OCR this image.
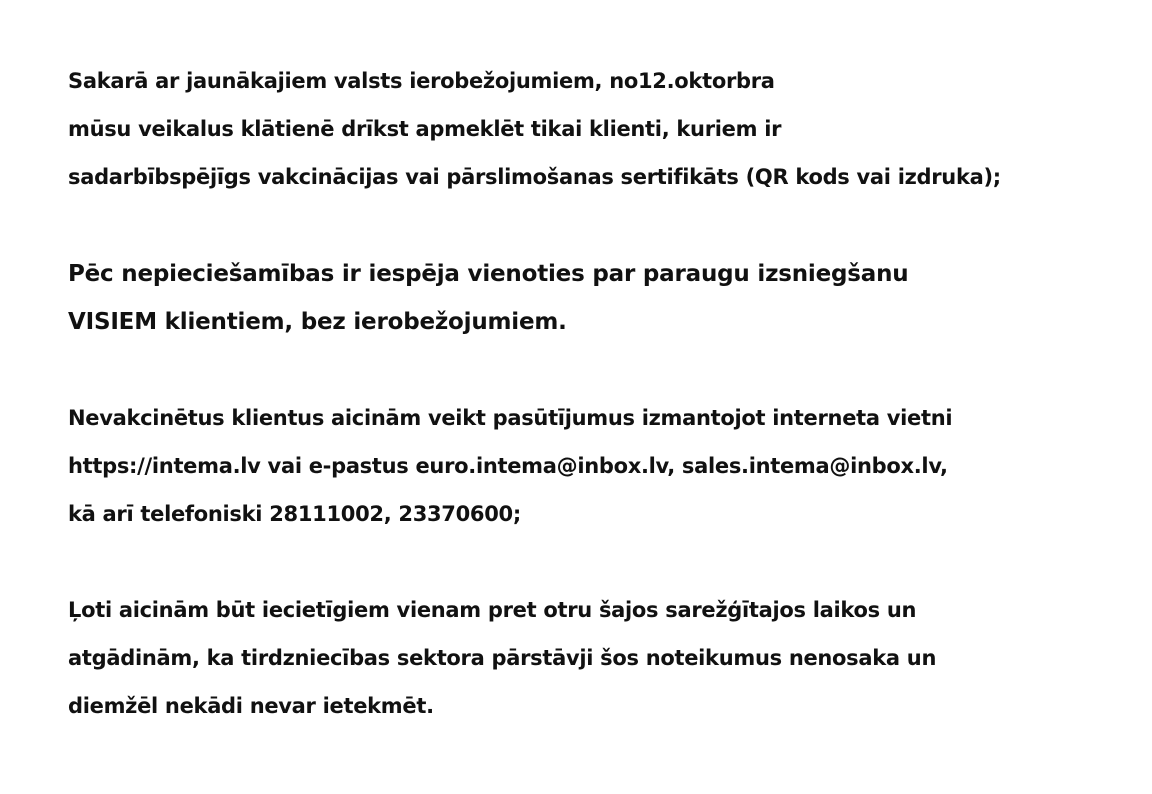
Sakarā ar jaunākajiem valsts ierobežojumiem, no12.oktorbra
mūsu veikalus klātienē drīkst apmeklēt tikai klienti, kuriem ir
sadarbībspējīgs vakcinācijas vai pārslimošanas sertifikāts (QR kods vai izdruka);
Pēc nepieciešamības ir iespēja vienoties par paraugu izsniegšanu
VISIEM klientiem, bez ierobežojumiem.
Nevakcinētus klientus aicinām veikt pasūtījumus izmantojot interneta vietni
https://intema.lv vai e-pastus euro.intema@inbox.lv, sales.intema@inbox.lv,
kā arī telefoniski 28111002, 23370600;
Ļoti aicinām būt iecietīgiem vienam pret otru šajos sarežģītajos laikos un
atgādinām, ka tirdzniecības sektora pārstāvji šos noteikumus nenosaka un
diemžēl nekādi nevar ietekmēt.
